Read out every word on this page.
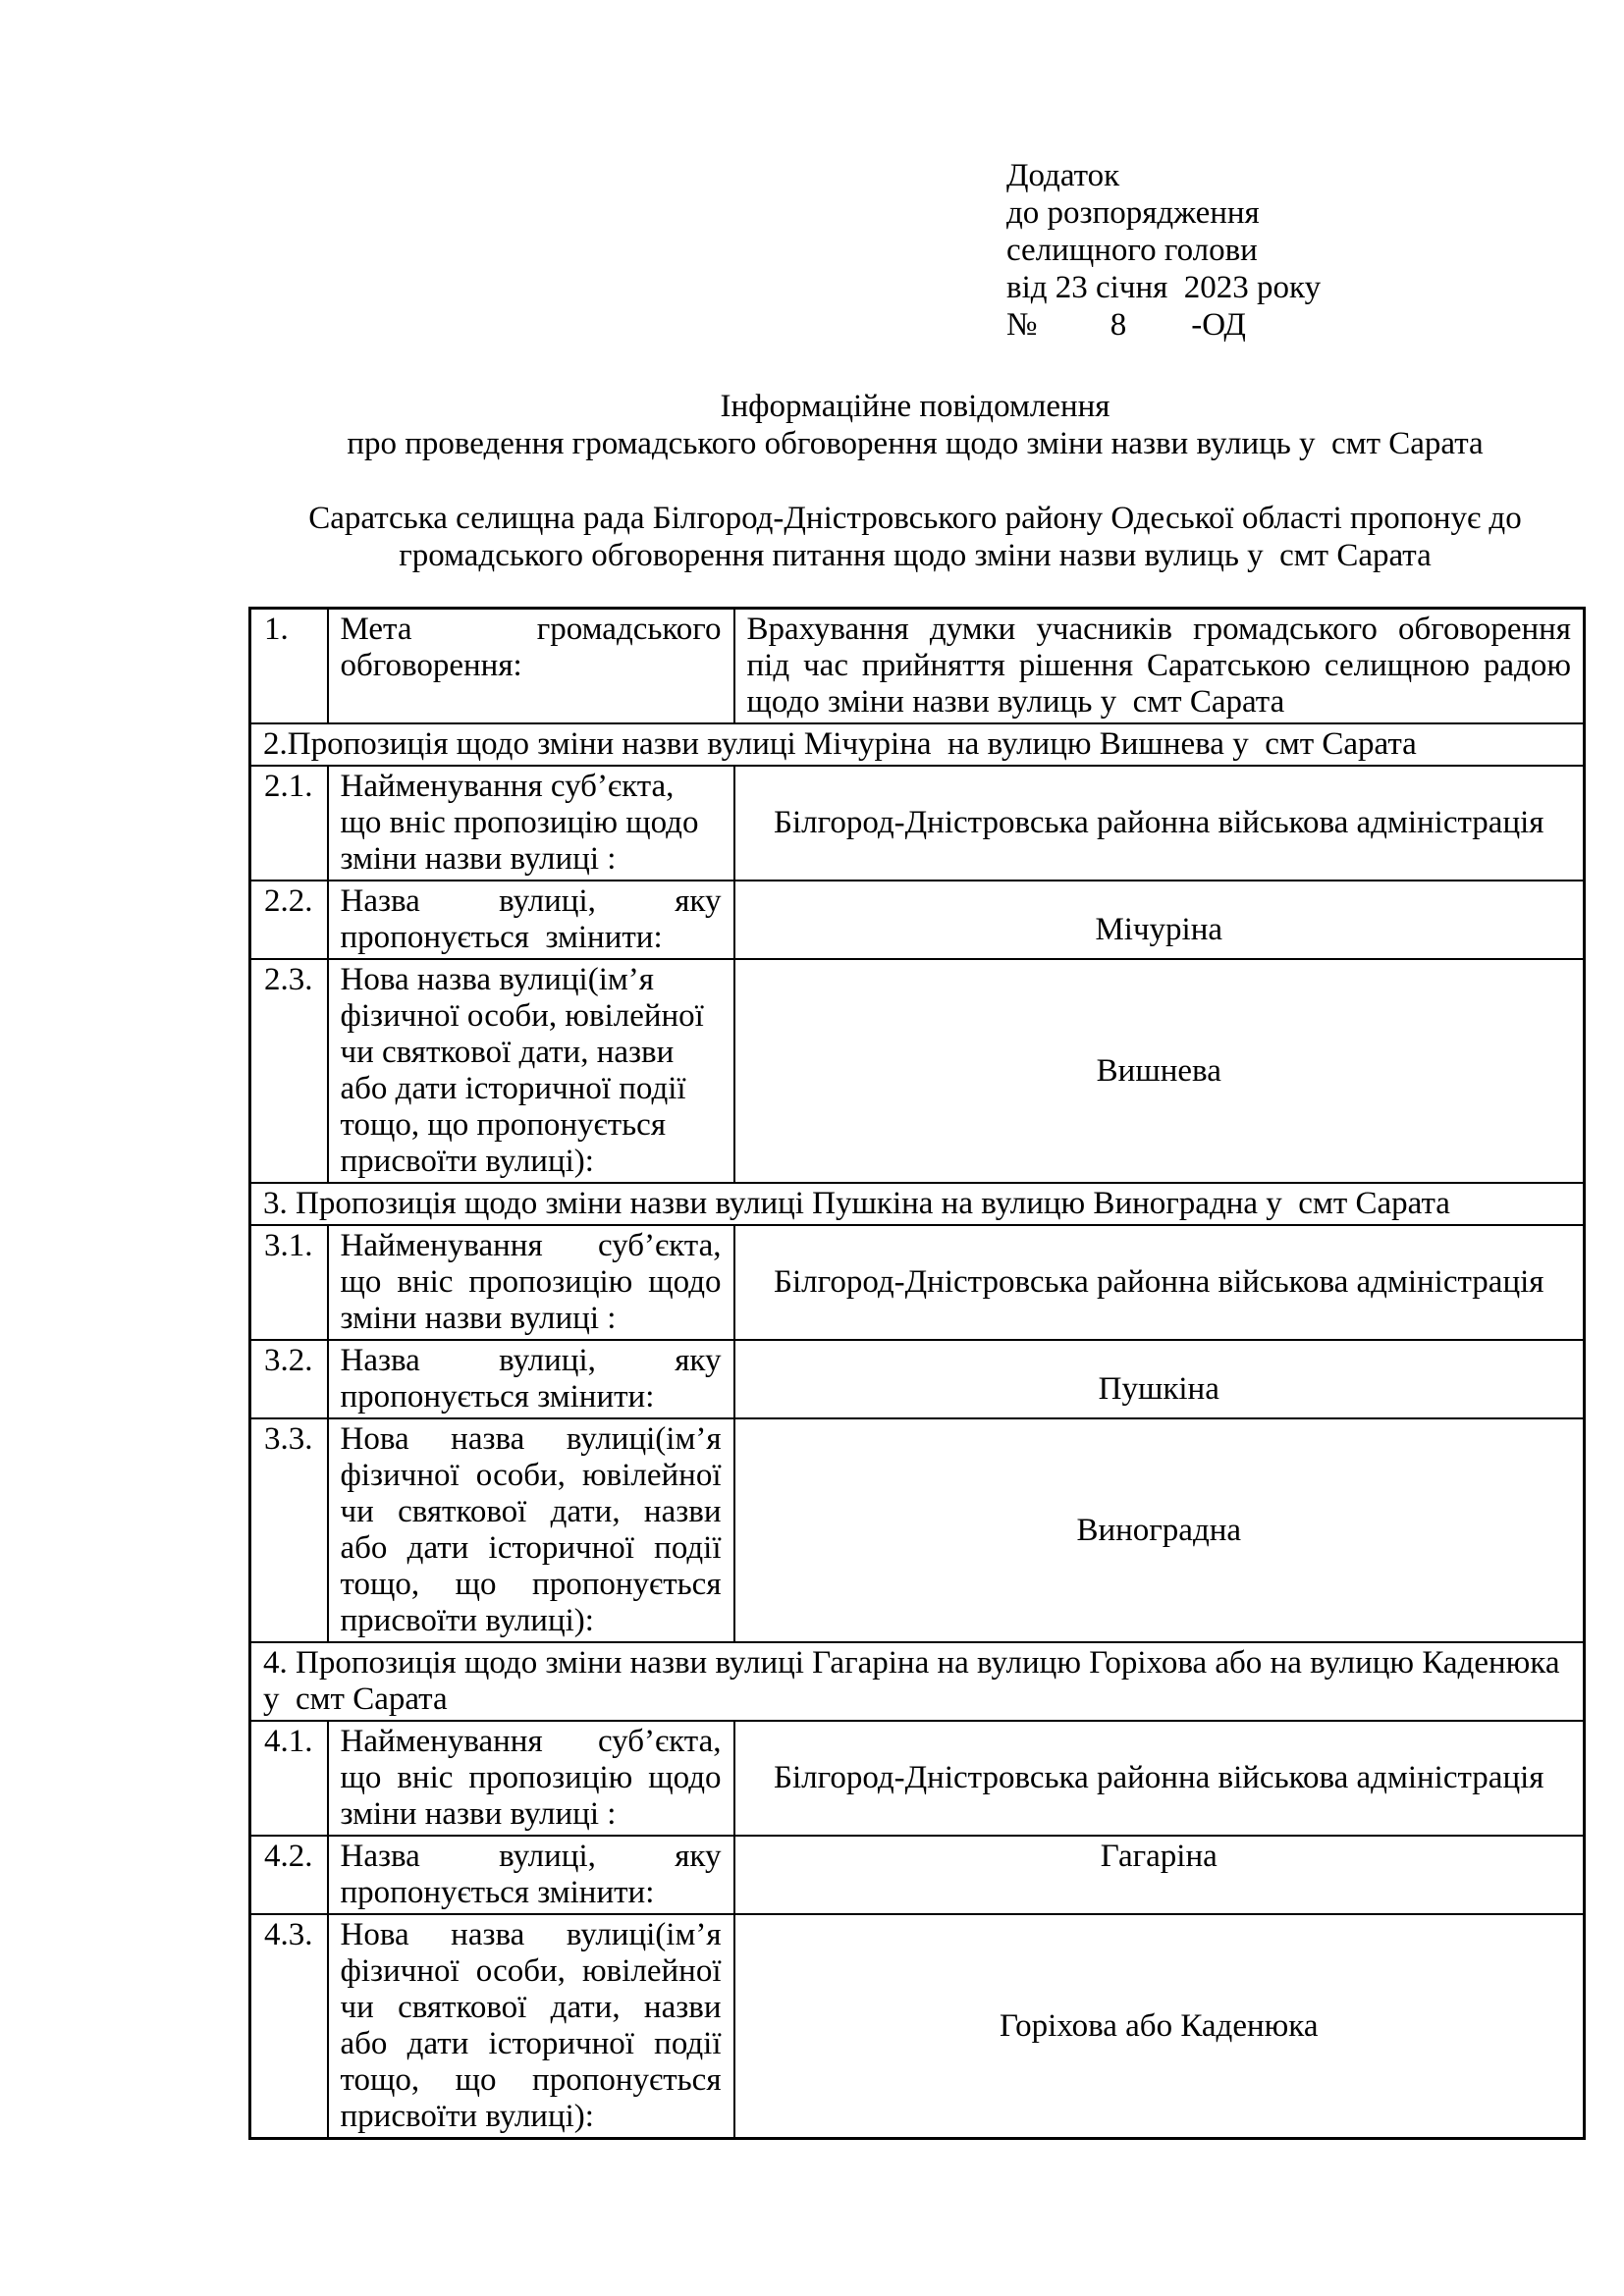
Додаток
до розпорядження
селищного голови
від 23 січня  2023 року
№         8        -ОД
Інформаційне повідомлення
про проведення громадського обговорення щодо зміни назви вулиць у  смт Сарата

Саратська селищна рада Білгород-Дністровського району Одеської області пропонує до громадського обговорення питання щодо зміни назви вулиць у  смт Сарата

1.	Мета громадського обговорення:	Врахування думки учасників громадського обговорення під час прийняття рішення Саратською селищною радою щодо зміни назви вулиць у  смт Сарата
2.Пропозиція щодо зміни назви вулиці Мічуріна  на вулицю Вишнева у  смт Сарата		
2.1.	Найменування суб’єкта, що вніс пропозицію щодо зміни назви вулиці :	Білгород-Дністровська районна військова адміністрація
2.2.	Назва вулиці, яку пропонується  змінити:	Мічуріна
2.3.	Нова назва вулиці(ім’я фізичної особи, ювілейної чи святкової дати, назви або дати історичної події тощо, що пропонується присвоїти вулиці):	Вишнева
3. Пропозиція щодо зміни назви вулиці Пушкіна на вулицю Виноградна у  смт Сарата		
3.1.	Найменування суб’єкта, що вніс пропозицію щодо зміни назви вулиці :	Білгород-Дністровська районна військова адміністрація
3.2.	Назва вулиці, яку пропонується змінити:	Пушкіна
3.3.	Нова назва вулиці(ім’я фізичної особи, ювілейної чи святкової дати, назви або дати історичної події тощо, що пропонується присвоїти вулиці):	Виноградна
4. Пропозиція щодо зміни назви вулиці Гагаріна на вулицю Горіхова або на вулицю Каденюка у  смт Сарата		
4.1.	Найменування суб’єкта, що вніс пропозицію щодо зміни назви вулиці :	Білгород-Дністровська районна військова адміністрація
4.2.	Назва вулиці, яку пропонується змінити:	Гагаріна
4.3.	Нова назва вулиці(ім’я фізичної особи, ювілейної чи святкової дати, назви або дати історичної події тощо, що пропонується присвоїти вулиці):	Горіхова або Каденюка
